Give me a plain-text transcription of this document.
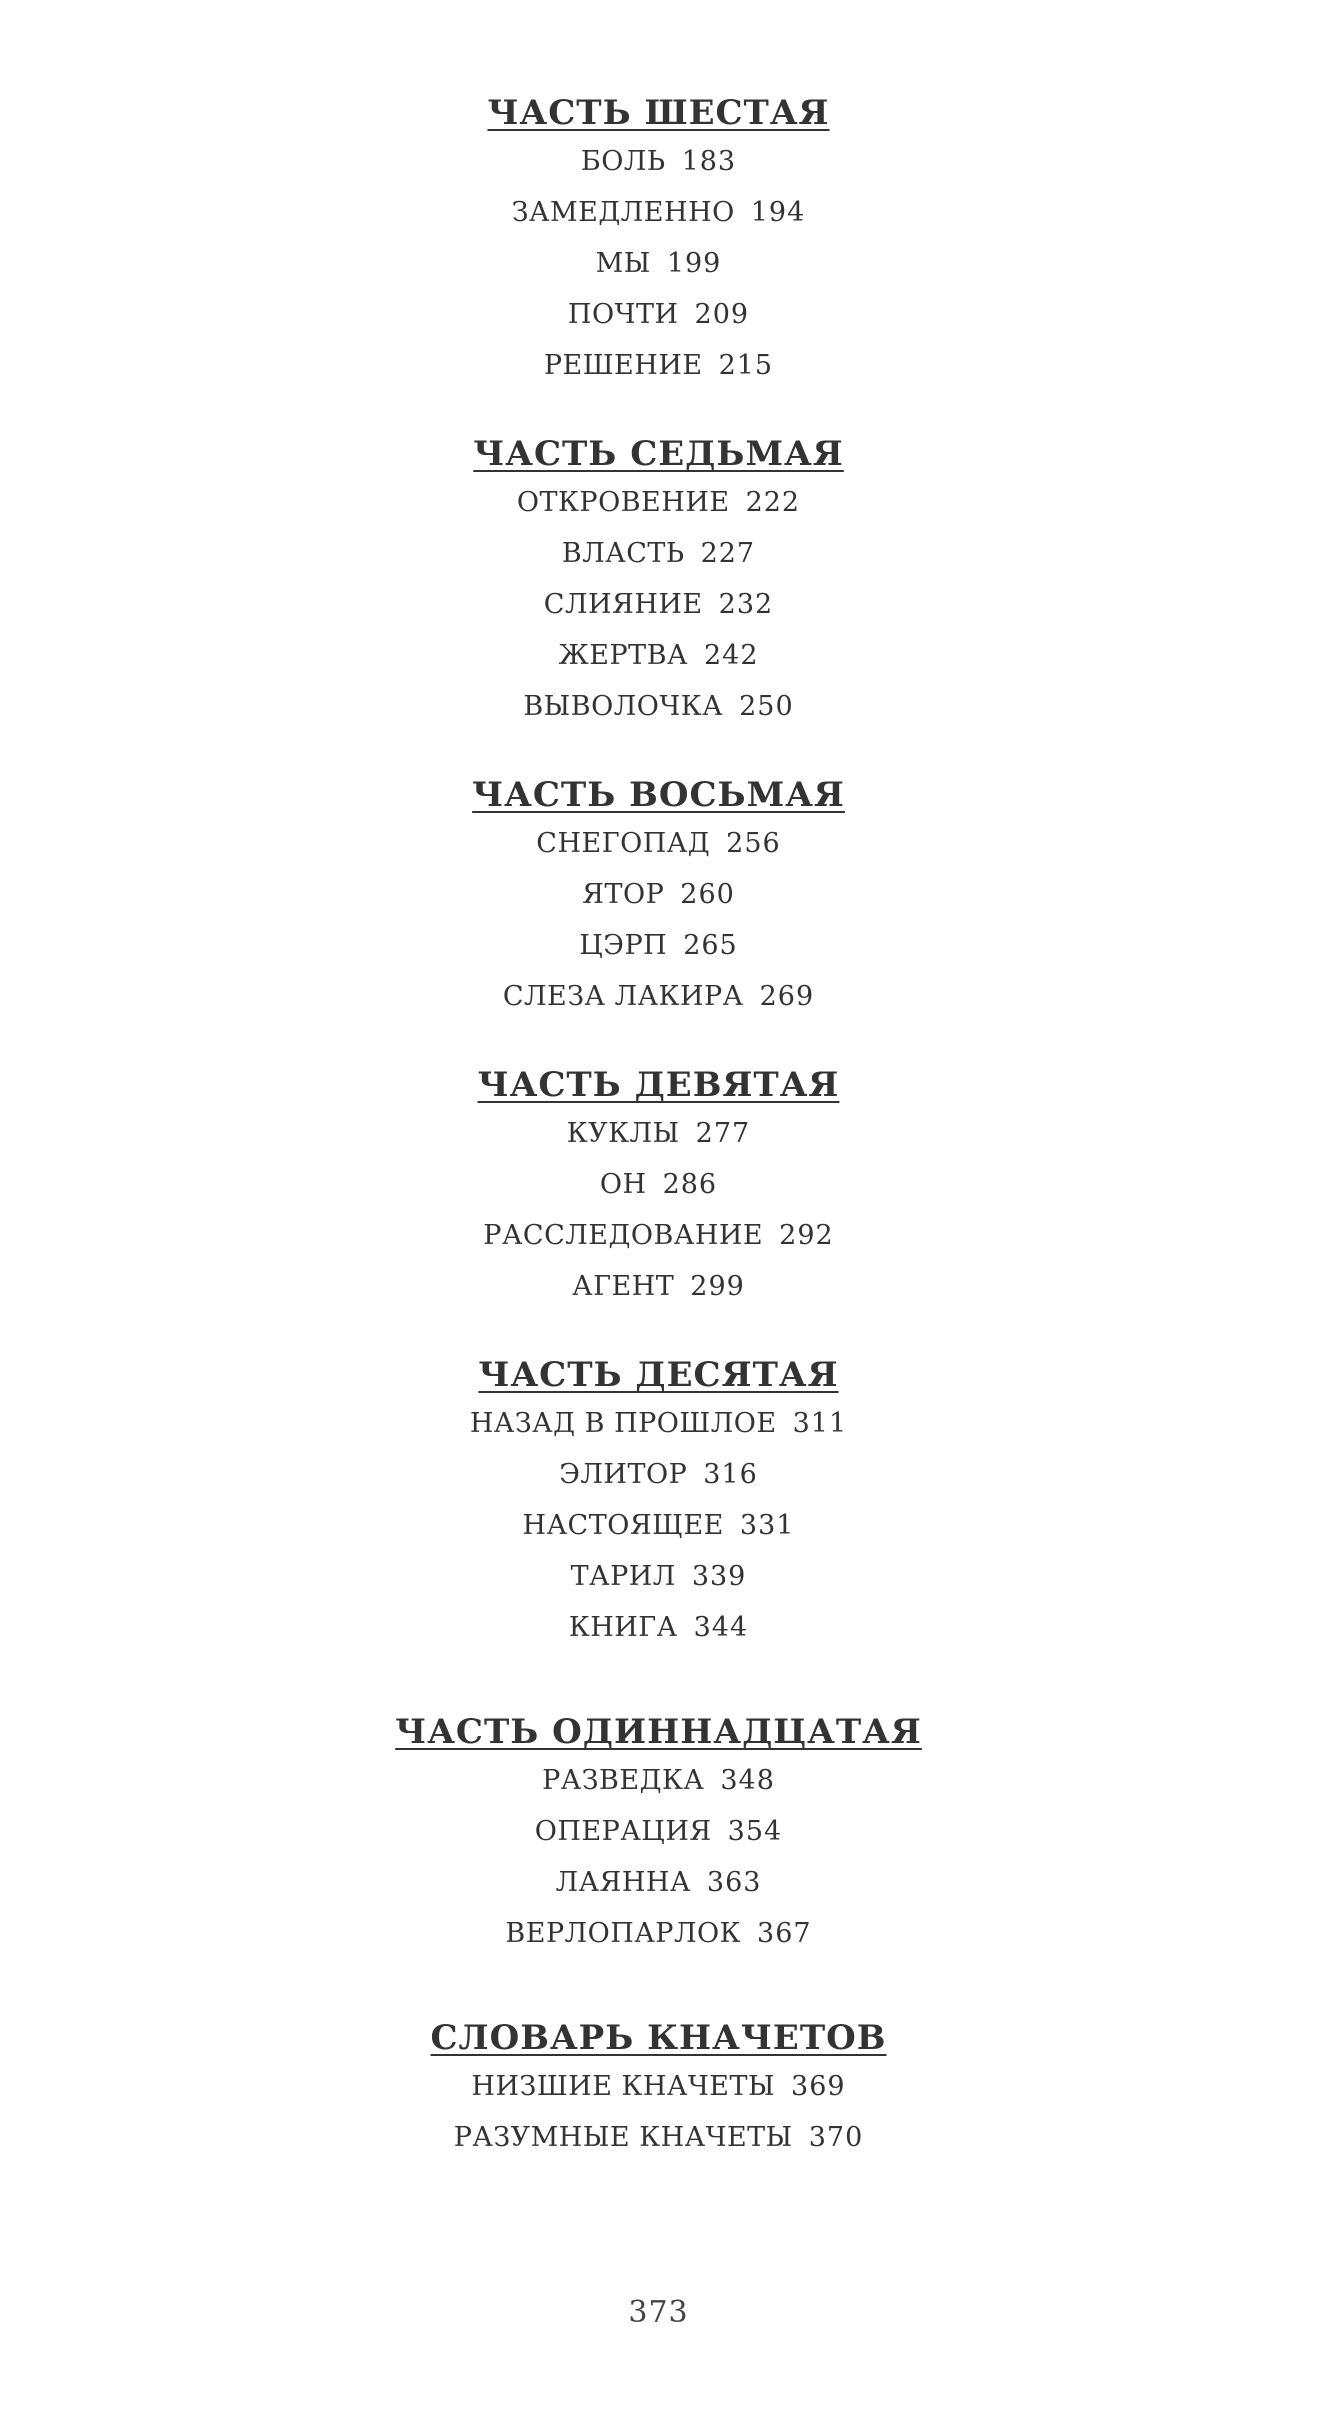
ЧАСТЬ ШЕСТАЯ
БОЛЬ 183
ЗАМЕДЛЕННО 194
МЫ 199
ПОЧТИ 209
РЕШЕНИЕ 215
ЧАСТЬ СЕДЬМАЯ
ОТКРОВЕНИЕ 222
ВЛАСТЬ 227
СЛИЯНИЕ 232
ЖЕРТВА 242
ВЫВОЛОЧКА 250
ЧАСТЬ ВОСЬМАЯ
СНЕГОПАД 256
ЯТОР 260
ЦЭРП 265
СЛЕЗА ЛАКИРА 269
ЧАСТЬ ДЕВЯТАЯ
КУКЛЫ 277
ОН 286
РАССЛЕДОВАНИЕ 292
АГЕНТ 299
ЧАСТЬ ДЕСЯТАЯ
НАЗАД В ПРОШЛОЕ 311
ЭЛИТОР 316
НАСТОЯЩЕЕ 331
ТАРИЛ 339
КНИГА 344
ЧАСТЬ ОДИННАДЦАТАЯ
РАЗВЕДКА 348
ОПЕРАЦИЯ 354
ЛАЯННА 363
ВЕРЛОПАРЛОК 367
СЛОВАРЬ КНАЧЕТОВ
НИЗШИЕ КНАЧЕТЫ 369
РАЗУМНЫЕ КНАЧЕТЫ 370
373
